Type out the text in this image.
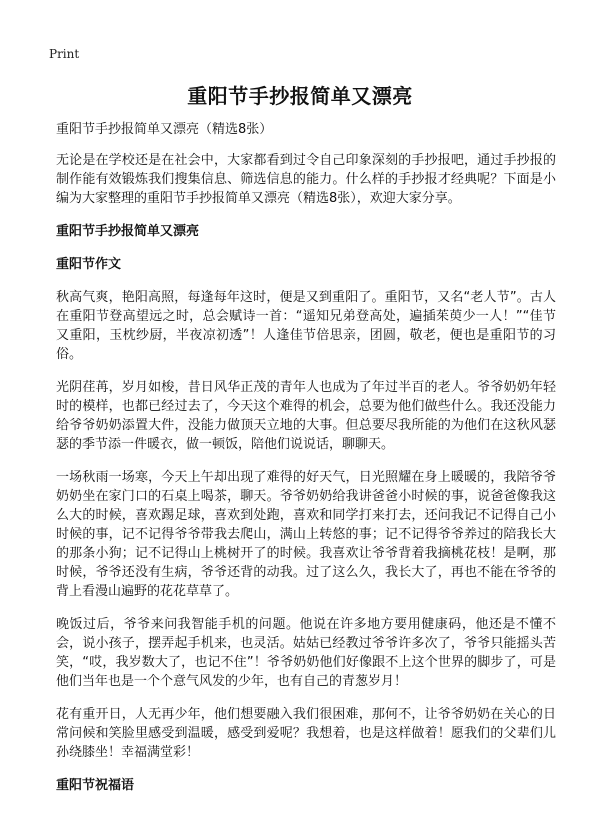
Print
重阳节手抄报简单又漂亮

重阳节手抄报简单又漂亮（精选8张）

无论是在学校还是在社会中，大家都看到过令自己印象深刻的手抄报吧，通过手抄报的制作能有效锻炼我们搜集信息、筛选信息的能力。什么样的手抄报才经典呢？下面是小编为大家整理的重阳节手抄报简单又漂亮（精选8张），欢迎大家分享。

重阳节手抄报简单又漂亮

重阳节作文

秋高气爽，艳阳高照，每逢每年这时，便是又到重阳了。重阳节，又名“老人节”。古人在重阳节登高望远之时，总会赋诗一首：“遥知兄弟登高处，遍插茱萸少一人！”“佳节又重阳，玉枕纱厨，半夜凉初透”！人逢佳节倍思亲，团圆，敬老，便也是重阳节的习俗。

光阴荏苒，岁月如梭，昔日风华正茂的青年人也成为了年过半百的老人。爷爷奶奶年轻时的模样，也都已经过去了，今天这个难得的机会，总要为他们做些什么。我还没能力给爷爷奶奶添置大件，没能力做顶天立地的大事。但总要尽我所能的为他们在这秋风瑟瑟的季节添一件暖衣，做一顿饭，陪他们说说话，聊聊天。

一场秋雨一场寒，今天上午却出现了难得的好天气，日光照耀在身上暖暖的，我陪爷爷奶奶坐在家门口的石桌上喝茶，聊天。爷爷奶奶给我讲爸爸小时候的事，说爸爸像我这么大的时候，喜欢踢足球，喜欢到处跑，喜欢和同学打来打去，还问我记不记得自己小时候的事，记不记得爷爷带我去爬山，满山上转悠的事；记不记得爷爷养过的陪我长大的那条小狗；记不记得山上桃树开了的时候。我喜欢让爷爷背着我摘桃花枝！是啊，那时候，爷爷还没有生病，爷爷还背的动我。过了这么久，我长大了，再也不能在爷爷的背上看漫山遍野的花花草草了。

晚饭过后，爷爷来问我智能手机的问题。他说在许多地方要用健康码，他还是不懂不会，说小孩子，摆弄起手机来，也灵活。姑姑已经教过爷爷许多次了，爷爷只能摇头苦笑，“哎，我岁数大了，也记不住”！爷爷奶奶他们好像跟不上这个世界的脚步了，可是他们当年也是一个个意气风发的少年，也有自己的青葱岁月！

花有重开日，人无再少年，他们想要融入我们很困难，那何不，让爷爷奶奶在关心的日常问候和笑脸里感受到温暖，感受到爱呢？我想着，也是这样做着！愿我们的父辈们儿孙绕膝坐！幸福满堂彩！

重阳节祝福语
